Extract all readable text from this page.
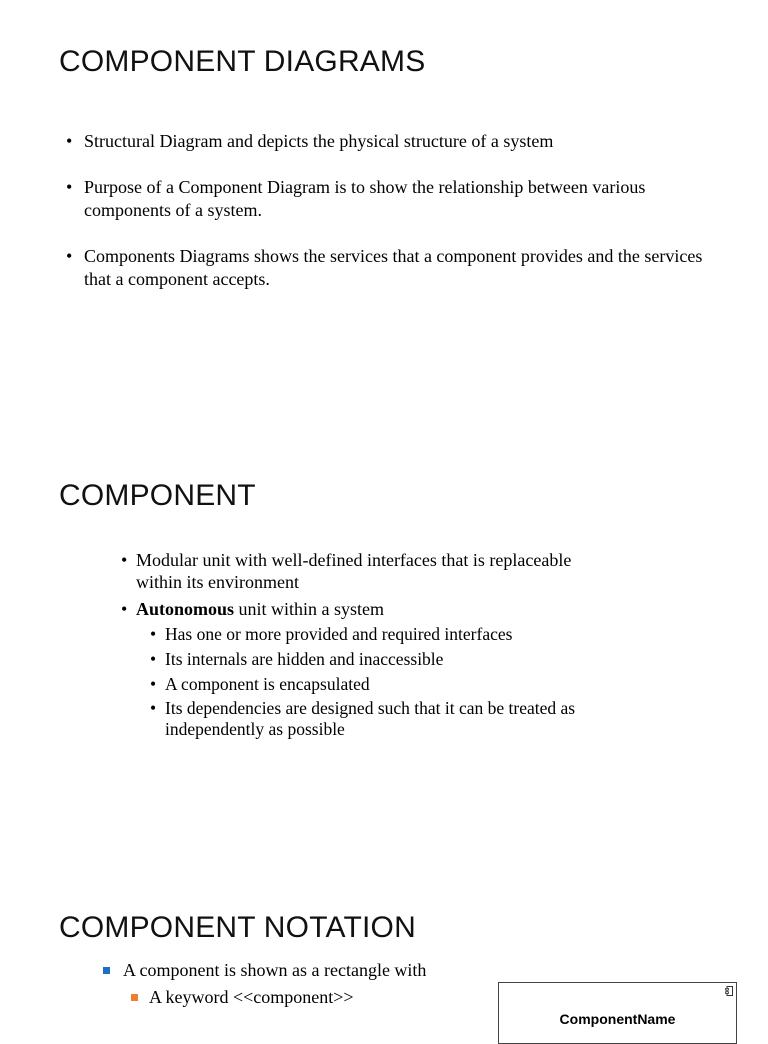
COMPONENT DIAGRAMS
• Structural Diagram and depicts the physical structure of a system
• Purpose of a Component Diagram is to show the relationship between various components of a system.
• Components Diagrams shows the services that a component provides and the services that a component accepts.
COMPONENT
• Modular unit with well-defined interfaces that is replaceable within its environment
• Autonomous unit within a system
• Has one or more provided and required interfaces
• Its internals are hidden and inaccessible
• A component is encapsulated
• Its dependencies are designed such that it can be treated as independently as possible
COMPONENT NOTATION
A component is shown as a rectangle with
A keyword <<component>>
ComponentName
